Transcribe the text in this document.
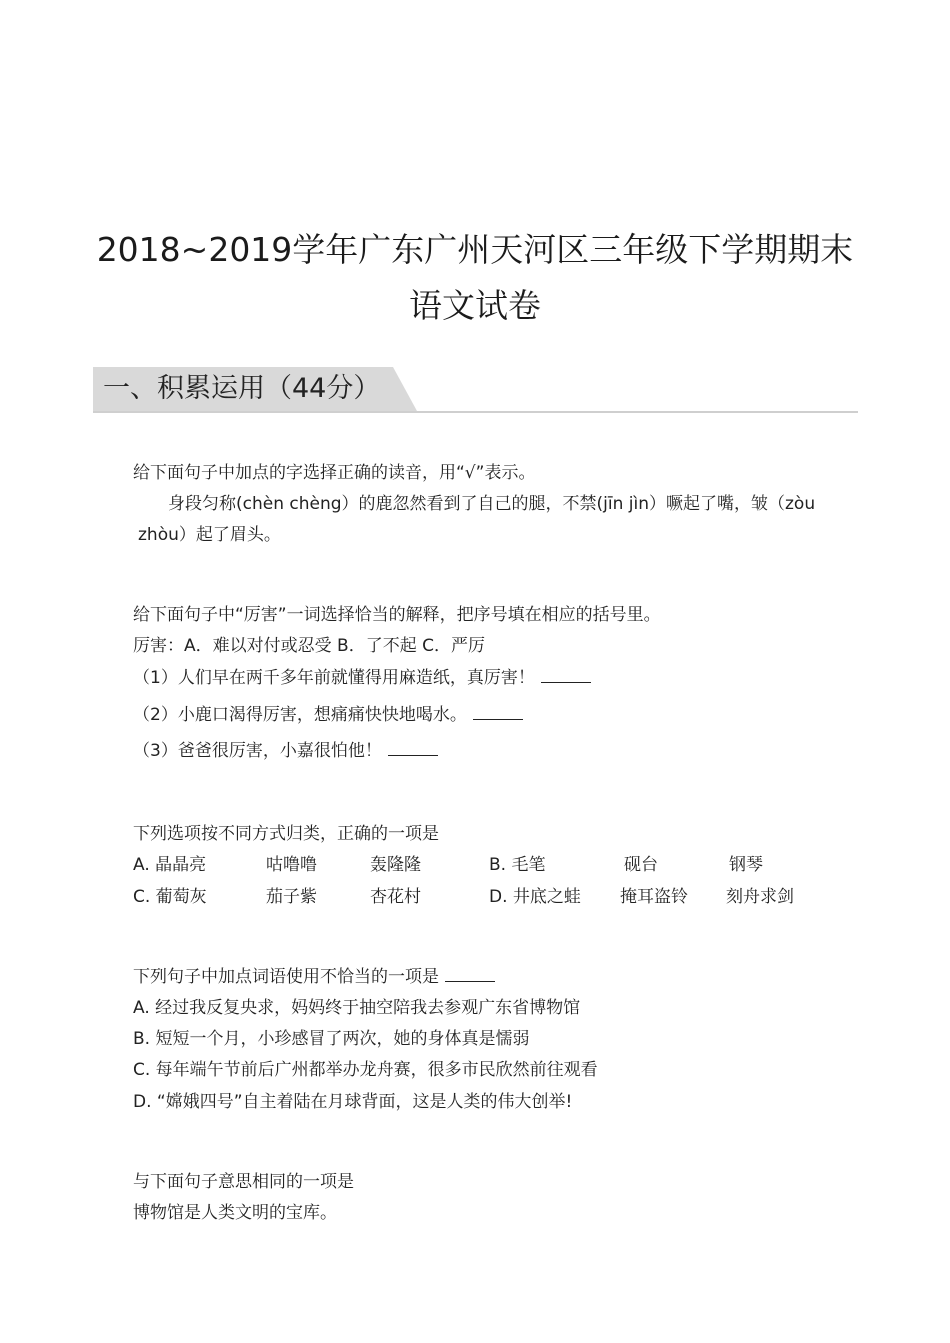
2018~2019学年广东广州天河区三年级下学期期末
语文试卷
一、积累运用（44分）
给下面句子中加点的字选择正确的读音，用“√”表示。
身段匀称(chèn chèng）的鹿忽然看到了自己的腿，不禁(jīn jìn）噘起了嘴，皱（zòu
zhòu）起了眉头。
给下面句子中“厉害”一词选择恰当的解释，把序号填在相应的括号里。
厉害：A．难以对付或忍受 B．了不起 C．严厉
（1）人们早在两千多年前就懂得用麻造纸，真厉害！
（2）小鹿口渴得厉害，想痛痛快快地喝水。
（3）爸爸很厉害，小嘉很怕他！
下列选项按不同方式归类，正确的一项是
A. 晶晶亮	咕噜噜	轰隆隆	B. 毛笔	砚台	钢琴
C. 葡萄灰	茄子紫	杏花村	D. 井底之蛙 掩耳盗铃 刻舟求剑
下列句子中加点词语使用不恰当的一项是
A. 经过我反复央求，妈妈终于抽空陪我去参观广东省博物馆
B. 短短一个月，小珍感冒了两次，她的身体真是懦弱
C. 每年端午节前后广州都举办龙舟赛，很多市民欣然前往观看
D. “嫦娥四号”自主着陆在月球背面，这是人类的伟大创举!
与下面句子意思相同的一项是
博物馆是人类文明的宝库。
